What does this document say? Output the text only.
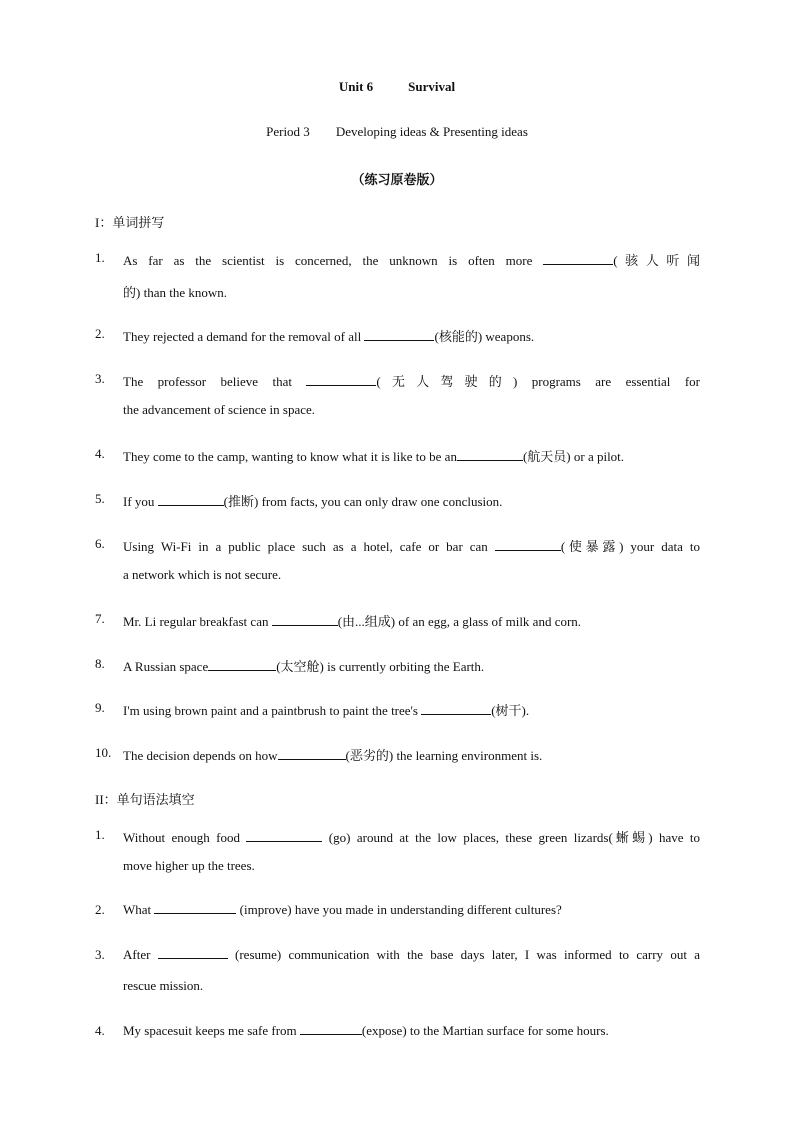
Unit 6	Survival
Period 3 Developing ideas & Presenting ideas
（练习原卷版）
I：单词拼写
1. As far as the scientist is concerned, the unknown is often more	(骇人听闻
的) than the known.
2. They rejected a demand for the removal of all	(核能的) weapons.
3. The professor believe that	(无人驾驶的) programs are essential for
the advancement of science in space.
4. They come to the camp, wanting to know what it is like to be an	(航天员) or a pilot.
5. If you	(推断) from facts, you can only draw one conclusion.
6. Using Wi-Fi in a public place such as a hotel, cafe or bar can	(使暴露) your data to
a network which is not secure.
7. Mr. Li regular breakfast can	(由...组成) of an egg, a glass of milk and corn.
8. A Russian space	(太空舱) is currently orbiting the Earth.
9. I'm using brown paint and a paintbrush to paint the tree's	(树干).
10. The decision depends on how	(恶劣的) the learning environment is.
II：单句语法填空
1. Without enough food	(go) around at the low places, these green lizards(蜥蜴) have to
move higher up the trees.
2. What	(improve) have you made in understanding different cultures?
3. After	(resume) communication with the base days later, I was informed to carry out a
rescue mission.
4. My spacesuit keeps me safe from	(expose) to the Martian surface for some hours.
